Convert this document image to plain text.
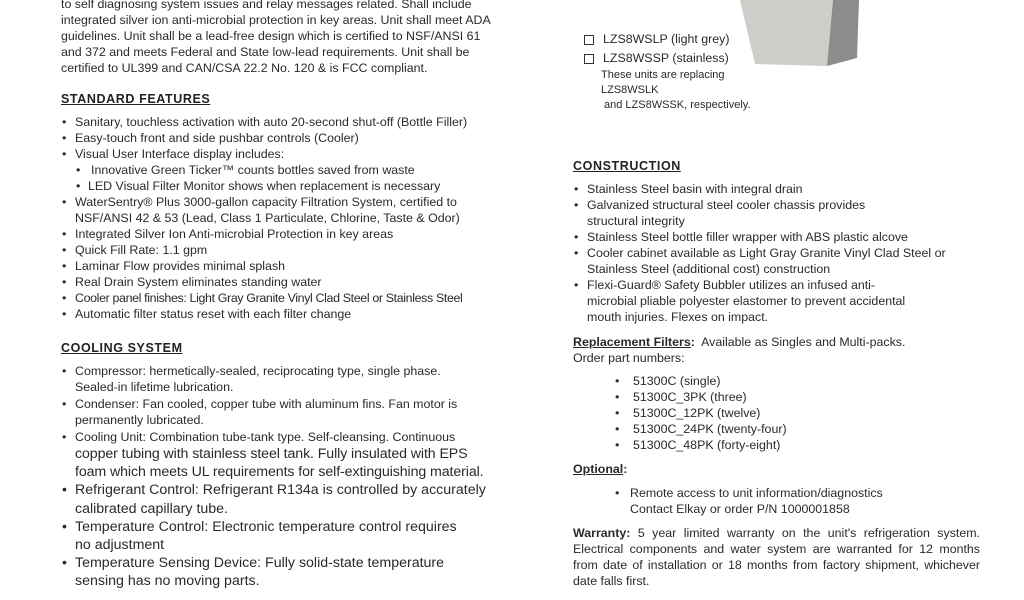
to self diagnosing system issues and relay messages related. Shall include
integrated silver ion anti-microbial protection in key areas. Unit shall meet ADA
guidelines. Unit shall be a lead-free design which is certified to NSF/ANSI 61
and 372 and meets Federal and State low-lead requirements. Unit shall be
certified to UL399 and CAN/CSA 22.2 No. 120 & is FCC compliant.
STANDARD FEATURES
• Sanitary, touchless activation with auto 20-second shut-off (Bottle Filler)
• Easy-touch front and side pushbar controls (Cooler)
• Visual User Interface display includes:
• Innovative Green Ticker™ counts bottles saved from waste
• LED Visual Filter Monitor shows when replacement is necessary
• WaterSentry® Plus 3000-gallon capacity Filtration System, certified to NSF/ANSI 42 & 53 (Lead, Class 1 Particulate, Chlorine, Taste & Odor)
• Integrated Silver Ion Anti-microbial Protection in key areas
• Quick Fill Rate: 1.1 gpm
• Laminar Flow provides minimal splash
• Real Drain System eliminates standing water
• Cooler panel finishes: Light Gray Granite Vinyl Clad Steel or Stainless Steel
• Automatic filter status reset with each filter change
COOLING SYSTEM
• Compressor: hermetically-sealed, reciprocating type, single phase. Sealed-in lifetime lubrication.
• Condenser: Fan cooled, copper tube with aluminum fins. Fan motor is permanently lubricated.
• Cooling Unit: Combination tube-tank type. Self-cleansing. Continuous
copper tubing with stainless steel tank. Fully insulated with EPS foam which meets UL requirements for self-extinguishing material.
• Refrigerant Control: Refrigerant R134a is controlled by accurately calibrated capillary tube.
• Temperature Control: Electronic temperature control requires no adjustment
• Temperature Sensing Device: Fully solid-state temperature sensing has no moving parts.
LZS8WSLP (light grey)
LZS8WSSP (stainless)
These units are replacing LZS8WSLK
and LZS8WSSK, respectively.
CONSTRUCTION
• Stainless Steel basin with integral drain
• Galvanized structural steel cooler chassis provides structural integrity
• Stainless Steel bottle filler wrapper with ABS plastic alcove
• Cooler cabinet available as Light Gray Granite Vinyl Clad Steel or Stainless Steel (additional cost) construction
• Flexi-Guard® Safety Bubbler utilizes an infused anti-microbial pliable polyester elastomer to prevent accidental mouth injuries. Flexes on impact.
Replacement Filters: Available as Singles and Multi-packs.
Order part numbers:
• 51300C (single)
• 51300C_3PK (three)
• 51300C_12PK (twelve)
• 51300C_24PK (twenty-four)
• 51300C_48PK (forty-eight)
Optional:
• Remote access to unit information/diagnostics
Contact Elkay or order P/N 1000001858
Warranty: 5 year limited warranty on the unit's refrigeration system. Electrical components and water system are warranted for 12 months from date of installation or 18 months from factory shipment, whichever date falls first.
